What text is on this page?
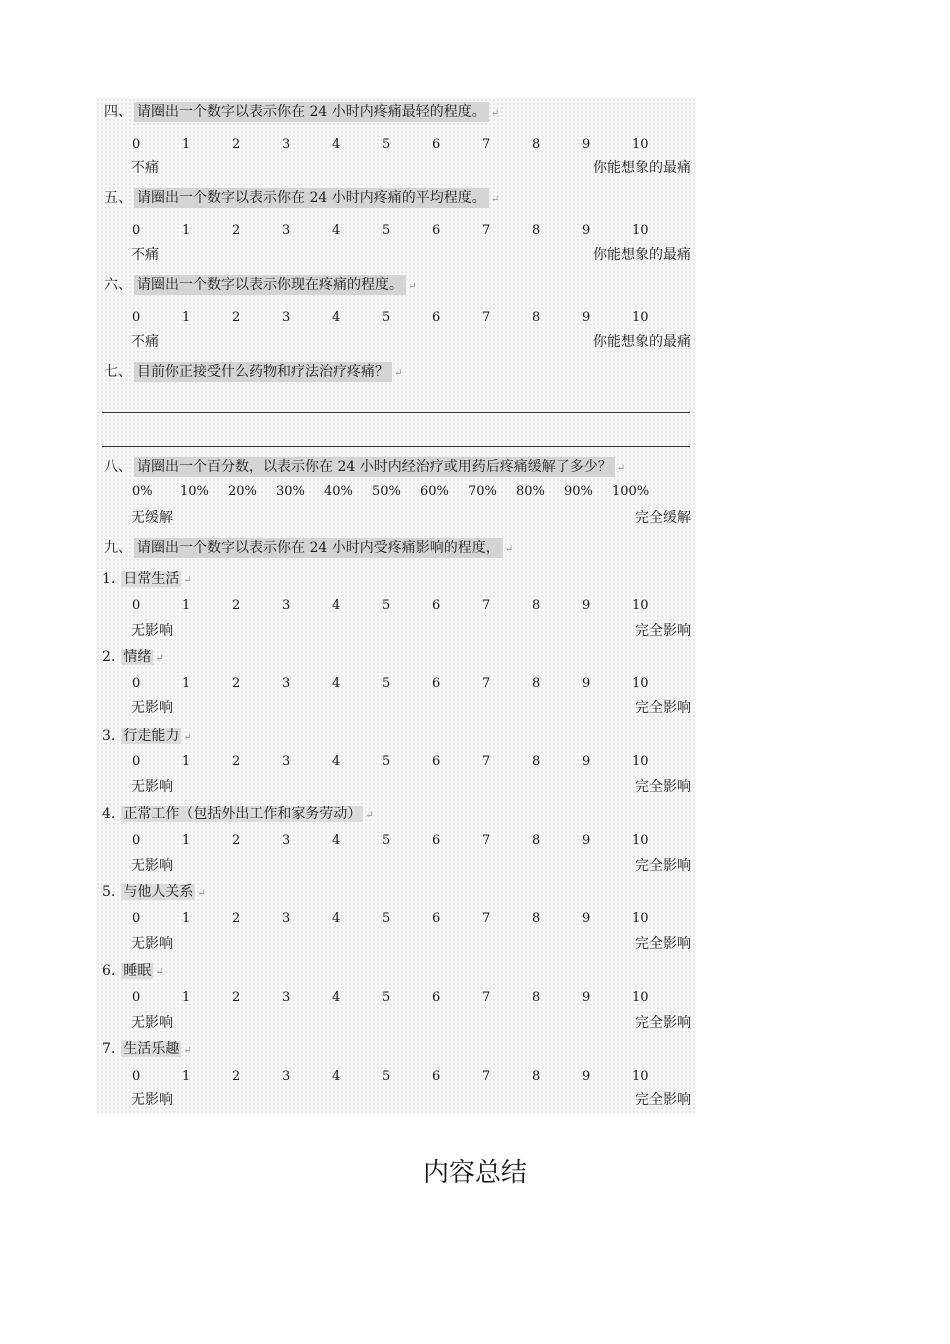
四、 请圈出一个数字以表示你在 24 小时内疼痛最轻的程度。 ↵
0	1	2	3	4	5	6	7	8	9	10
不痛	你能想象的最痛
五、 请圈出一个数字以表示你在 24 小时内疼痛的平均程度。 ↵
0	1	2	3	4	5	6	7	8	9	10
不痛	你能想象的最痛
六、 请圈出一个数字以表示你现在疼痛的程度。 ↵
0	1	2	3	4	5	6	7	8	9	10
不痛	你能想象的最痛
七、 目前你正接受什么药物和疗法治疗疼痛？ ↵
八、 请圈出一个百分数，以表示你在 24 小时内经治疗或用药后疼痛缓解了多少？ ↵
0% 10% 20% 30% 40% 50% 60% 70% 80% 90% 100%
无缓解	完全缓解
九、 请圈出一个数字以表示你在 24 小时内受疼痛影响的程度， ↵
1. 日常生活 ↵
0	1	2	3	4	5	6	7	8	9	10
无影响	完全影响
2. 情绪 ↵
0	1	2	3	4	5	6	7	8	9	10
无影响	完全影响
3. 行走能力 ↵
0	1	2	3	4	5	6	7	8	9	10
无影响	完全影响
4. 正常工作（包括外出工作和家务劳动） ↵
0	1	2	3	4	5	6	7	8	9	10
无影响	完全影响
5. 与他人关系 ↵
0	1	2	3	4	5	6	7	8	9	10
无影响	完全影响
6. 睡眠 ↵
0	1	2	3	4	5	6	7	8	9	10
无影响	完全影响
7. 生活乐趣 ↵
0	1	2	3	4	5	6	7	8	9	10
无影响	完全影响
内容总结
